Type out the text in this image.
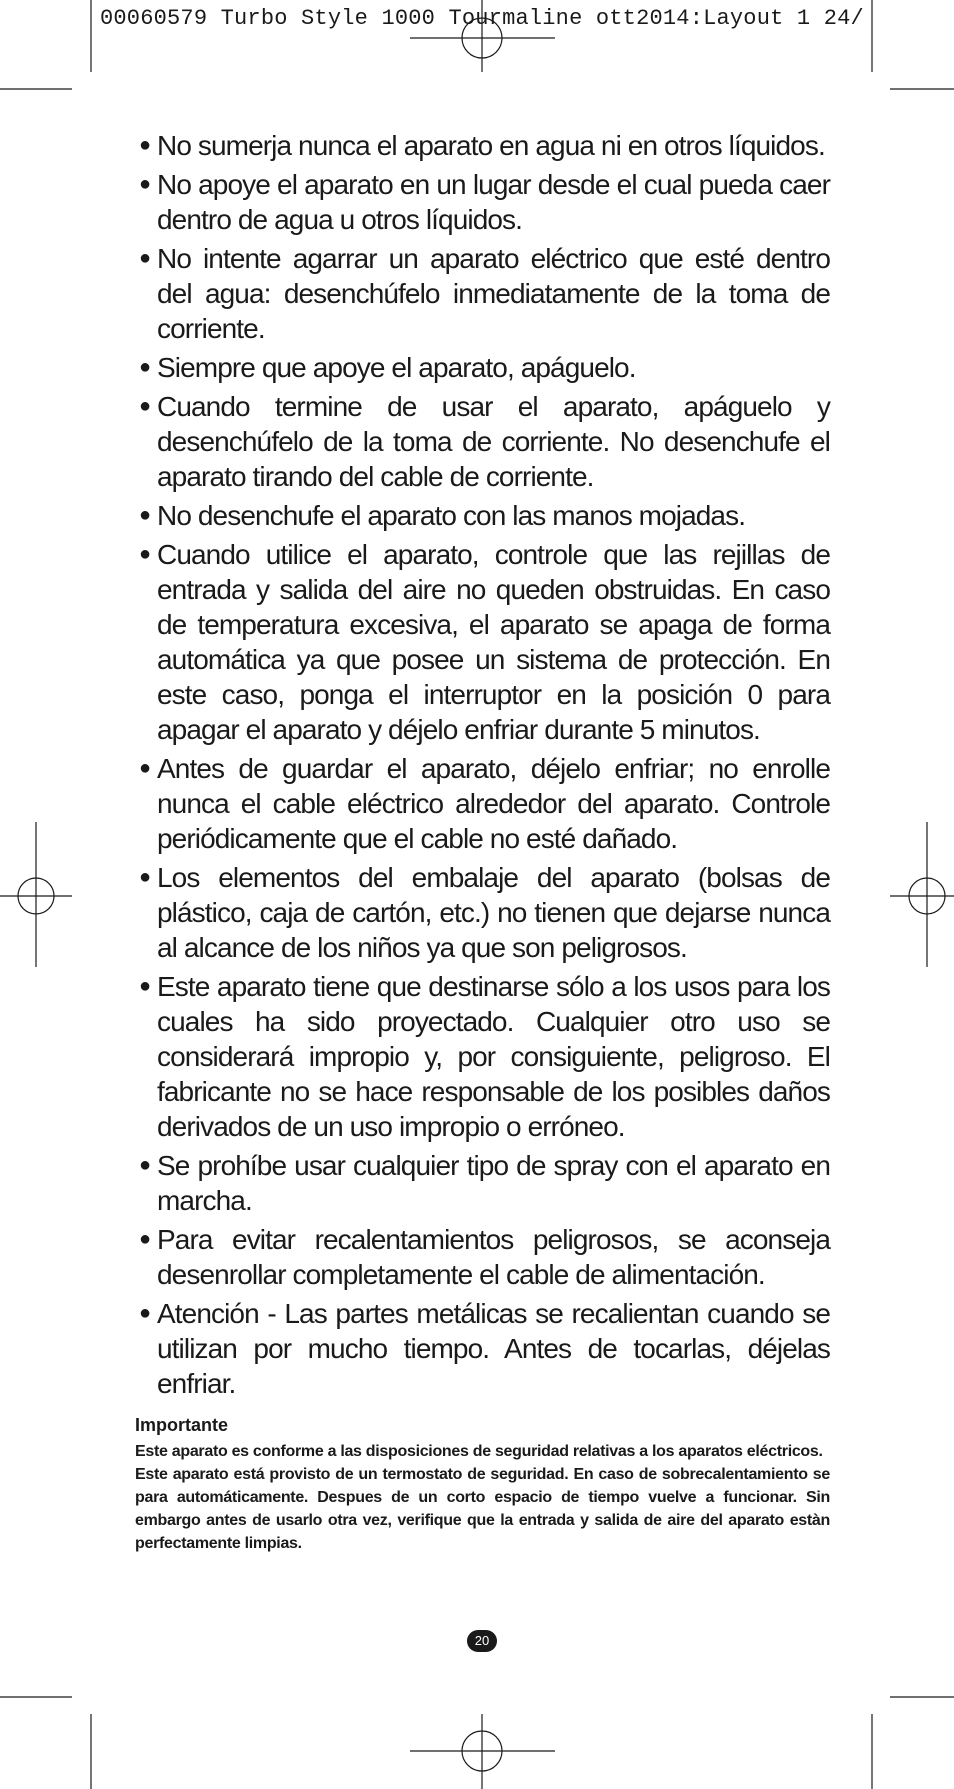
00060579 Turbo Style 1000 Tourmaline ott2014:Layout 1 24/
● No sumerja nunca el aparato en agua ni en otros líquidos.
● No apoye el aparato en un lugar desde el cual pueda caer dentro de agua u otros líquidos.
● No intente agarrar un aparato eléctrico que esté dentro del agua: desenchúfelo inmediatamente de la toma de corriente.
● Siempre que apoye el aparato, apáguelo.
● Cuando termine de usar el aparato, apáguelo y desenchúfelo de la toma de corriente. No desenchufe el aparato tirando del cable de corriente.
● No desenchufe el aparato con las manos mojadas.
● Cuando utilice el aparato, controle que las rejillas de entrada y salida del aire no queden obstruidas. En caso de temperatura excesiva, el aparato se apaga de forma automática ya que posee un sistema de protección. En este caso, ponga el interruptor en la posición 0 para apagar el aparato y déjelo enfriar durante 5 minutos.
● Antes de guardar el aparato, déjelo enfriar; no enrolle nunca el cable eléctrico alrededor del aparato. Controle periódicamente que el cable no esté dañado.
● Los elementos del embalaje del aparato (bolsas de plástico, caja de cartón, etc.) no tienen que dejarse nunca al alcance de los niños ya que son peligrosos.
● Este aparato tiene que destinarse sólo a los usos para los cuales ha sido proyectado. Cualquier otro uso se considerará impropio y, por consiguiente, peligroso. El fabricante no se hace responsable de los posibles daños derivados de un uso impropio o erróneo.
● Se prohíbe usar cualquier tipo de spray con el aparato en marcha.
● Para evitar recalentamientos peligrosos, se aconseja desenrollar completamente el cable de alimentación.
● Atención - Las partes metálicas se recalientan cuando se utilizan por mucho tiempo. Antes de tocarlas, déjelas enfriar.
Importante

Este aparato es conforme a las disposiciones de seguridad relativas a los aparatos eléctricos.

Este aparato está provisto de un termostato de seguridad. En caso de sobrecalentamiento se para automáticamente. Despues de un corto espacio de tiempo vuelve a funcionar. Sin embargo antes de usarlo otra vez, verifique que la entrada y salida de aire del aparato estàn perfectamente limpias.

20
